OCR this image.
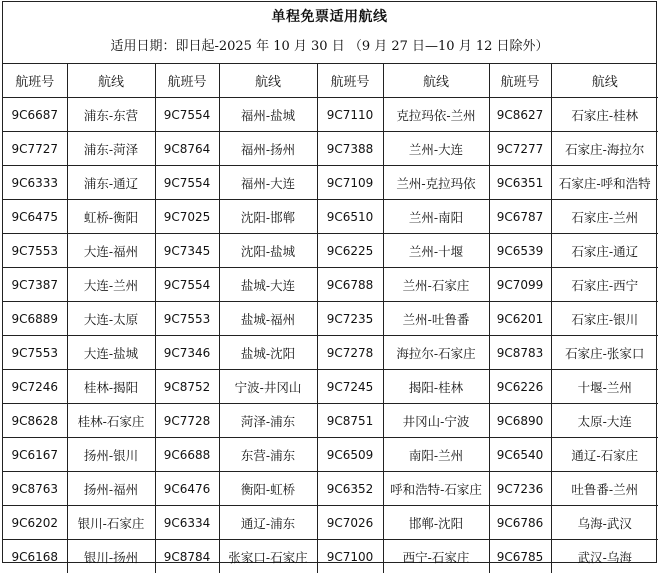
单程免票适用航线
适用日期：即日起-2025 年 10 月 30 日 （9 月 27 日—10 月 12 日除外）
航班号	航线	航班号	航线	航班号	航线	航班号	航线
9C6687	浦东-东营	9C7554	福州-盐城	9C7110	克拉玛依-兰州	9C8627	石家庄-桂林
9C7727	浦东-菏泽	9C8764	福州-扬州	9C7388	兰州-大连	9C7277	石家庄-海拉尔
9C6333	浦东-通辽	9C7554	福州-大连	9C7109	兰州-克拉玛依	9C6351	石家庄-呼和浩特
9C6475	虹桥-衡阳	9C7025	沈阳-邯郸	9C6510	兰州-南阳	9C6787	石家庄-兰州
9C7553	大连-福州	9C7345	沈阳-盐城	9C6225	兰州-十堰	9C6539	石家庄-通辽
9C7387	大连-兰州	9C7554	盐城-大连	9C6788	兰州-石家庄	9C7099	石家庄-西宁
9C6889	大连-太原	9C7553	盐城-福州	9C7235	兰州-吐鲁番	9C6201	石家庄-银川
9C7553	大连-盐城	9C7346	盐城-沈阳	9C7278	海拉尔-石家庄	9C8783	石家庄-张家口
9C7246	桂林-揭阳	9C8752	宁波-井冈山	9C7245	揭阳-桂林	9C6226	十堰-兰州
9C8628	桂林-石家庄	9C7728	菏泽-浦东	9C8751	井冈山-宁波	9C6890	太原-大连
9C6167	扬州-银川	9C6688	东营-浦东	9C6509	南阳-兰州	9C6540	通辽-石家庄
9C8763	扬州-福州	9C6476	衡阳-虹桥	9C6352	呼和浩特-石家庄	9C7236	吐鲁番-兰州
9C6202	银川-石家庄	9C6334	通辽-浦东	9C7026	邯郸-沈阳	9C6786	乌海-武汉
9C6168	银川-扬州	9C8784	张家口-石家庄	9C7100	西宁-石家庄	9C6785	武汉-乌海
